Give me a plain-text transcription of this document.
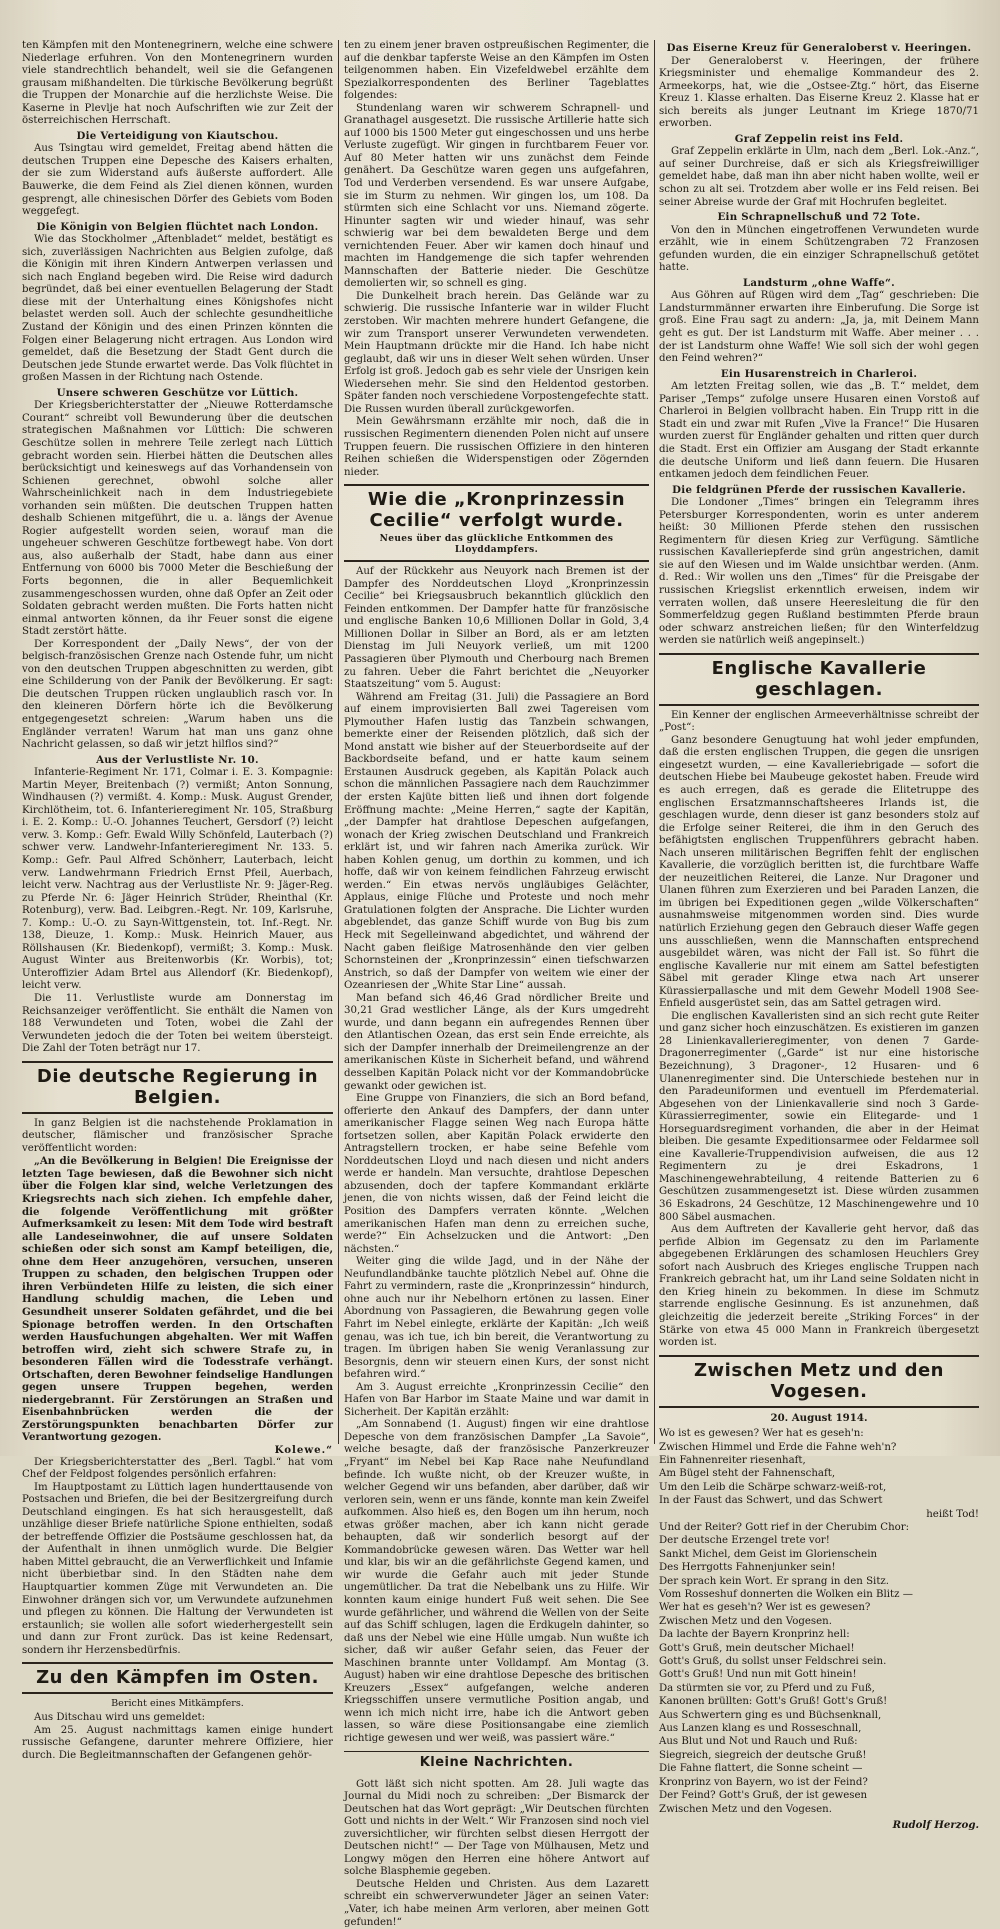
ten Kämpfen mit den Montenegrinern, welche eine schwere Niederlage erfuhren. Von den Montenegrinern wurden viele standrechtlich behandelt, weil sie die Gefangenen grausam mißhandelten. Die türkische Bevölkerung begrüßt die Truppen der Monarchie auf die herzlichste Weise. Die Kaserne in Plevlje hat noch Aufschriften wie zur Zeit der österreichischen Herrschaft.

Die Verteidigung von Kiautschou.

Aus Tsingtau wird gemeldet, Freitag abend hätten die deutschen Truppen eine Depesche des Kaisers erhalten, der sie zum Widerstand aufs äußerste auffordert. Alle Bauwerke, die dem Feind als Ziel dienen können, wurden gesprengt, alle chinesischen Dörfer des Gebiets vom Boden weggefegt.

Die Königin von Belgien flüchtet nach London.

Wie das Stockholmer „Aftenbladet“ meldet, bestätigt es sich, zuverlässigen Nachrichten aus Belgien zufolge, daß die Königin mit ihren Kindern Antwerpen verlassen und sich nach England begeben wird. Die Reise wird dadurch begründet, daß bei einer eventuellen Belagerung der Stadt diese mit der Unterhaltung eines Königshofes nicht belastet werden soll. Auch der schlechte gesundheitliche Zustand der Königin und des einen Prinzen könnten die Folgen einer Belagerung nicht ertragen. Aus London wird gemeldet, daß die Besetzung der Stadt Gent durch die Deutschen jede Stunde erwartet werde. Das Volk flüchtet in großen Massen in der Richtung nach Ostende.

Unsere schweren Geschütze vor Lüttich.

Der Kriegsberichterstatter der „Nieuwe Rotterdamsche Courant“ schreibt voll Bewunderung über die deutschen strategischen Maßnahmen vor Lüttich: Die schweren Geschütze sollen in mehrere Teile zerlegt nach Lüttich gebracht worden sein. Hierbei hätten die Deutschen alles berücksichtigt und keineswegs auf das Vorhandensein von Schienen gerechnet, obwohl solche aller Wahrscheinlichkeit nach in dem Industriegebiete vorhanden sein müßten. Die deutschen Truppen hatten deshalb Schienen mitgeführt, die u. a. längs der Avenue Rogier aufgestellt worden seien, worauf man die ungeheuer schweren Geschütze fortbewegt habe. Von dort aus, also außerhalb der Stadt, habe dann aus einer Entfernung von 6000 bis 7000 Meter die Beschießung der Forts begonnen, die in aller Bequemlichkeit zusammengeschossen wurden, ohne daß Opfer an Zeit oder Soldaten gebracht werden mußten. Die Forts hatten nicht einmal antworten können, da ihr Feuer sonst die eigene Stadt zerstört hätte.

Der Korrespondent der „Daily News“, der von der belgisch-französischen Grenze nach Ostende fuhr, um nicht von den deutschen Truppen abgeschnitten zu werden, gibt eine Schilderung von der Panik der Bevölkerung. Er sagt: Die deutschen Truppen rücken unglaublich rasch vor. In den kleineren Dörfern hörte ich die Bevölkerung entgegengesetzt schreien: „Warum haben uns die Engländer verraten! Warum hat man uns ganz ohne Nachricht gelassen, so daß wir jetzt hilflos sind?“

Aus der Verlustliste Nr. 10.

Infanterie-Regiment Nr. 171, Colmar i. E. 3. Kompagnie: Martin Meyer, Breitenbach (?) vermißt; Anton Sonnung, Windhausen (?) vermißt. 4. Komp.: Musk. August Grender, Kirchlötheim, tot. 6. Infanterieregiment Nr. 105, Straßburg i. E. 2. Komp.: U.-O. Johannes Teuchert, Gersdorf (?) leicht verw. 3. Komp.: Gefr. Ewald Willy Schönfeld, Lauterbach (?) schwer verw. Landwehr-Infanterieregiment Nr. 133. 5. Komp.: Gefr. Paul Alfred Schönherr, Lauterbach, leicht verw. Landwehrmann Friedrich Ernst Pfeil, Auerbach, leicht verw. Nachtrag aus der Verlustliste Nr. 9: Jäger-Reg. zu Pferde Nr. 6: Jäger Heinrich Strüder, Rheinthal (Kr. Rotenburg), verw. Bad. Leibgren.-Regt. Nr. 109, Karlsruhe, 7. Komp.: U.-O. zu Sayn-Wittgenstein, tot. Inf.-Regt. Nr. 138, Dieuze, 1. Komp.: Musk. Heinrich Mauer, aus Röllshausen (Kr. Biedenkopf), vermißt; 3. Komp.: Musk. August Winter aus Breitenworbis (Kr. Worbis), tot; Unteroffizier Adam Brtel aus Allendorf (Kr. Biedenkopf), leicht verw.

Die 11. Verlustliste wurde am Donnerstag im Reichsanzeiger veröffentlicht. Sie enthält die Namen von 188 Verwundeten und Toten, wobei die Zahl der Verwundeten jedoch die der Toten bei weitem übersteigt. Die Zahl der Toten beträgt nur 17.

Die deutsche Regierung in Belgien.

In ganz Belgien ist die nachstehende Proklamation in deutscher, flämischer und französischer Sprache veröffentlicht worden:

„An die Bevölkerung in Belgien! Die Ereignisse der letzten Tage bewiesen, daß die Bewohner sich nicht über die Folgen klar sind, welche Verletzungen des Kriegsrechts nach sich ziehen. Ich empfehle daher, die folgende Veröffentlichung mit größter Aufmerksamkeit zu lesen: Mit dem Tode wird bestraft alle Landeseinwohner, die auf unsere Soldaten schießen oder sich sonst am Kampf beteiligen, die, ohne dem Heer anzugehören, versuchen, unseren Truppen zu schaden, den belgischen Truppen oder ihren Verbündeten Hilfe zu leisten, die sich einer Handlung schuldig machen, die Leben und Gesundheit unserer Soldaten gefährdet, und die bei Spionage betroffen werden. In den Ortschaften werden Hausfuchungen abgehalten. Wer mit Waffen betroffen wird, zieht sich schwere Strafe zu, in besonderen Fällen wird die Todesstrafe verhängt. Ortschaften, deren Bewohner feindselige Handlungen gegen unsere Truppen begehen, werden niedergebrannt. Für Zerstörungen an Straßen und Eisenbahnbrücken werden die der Zerstörungspunkten benachbarten Dörfer zur Verantwortung gezogen.

Kolewe.“

Der Kriegsberichterstatter des „Berl. Tagbl.“ hat vom Chef der Feldpost folgendes persönlich erfahren:

Im Hauptpostamt zu Lüttich lagen hunderttausende von Postsachen und Briefen, die bei der Besitzergreifung durch Deutschland eingingen. Es hat sich herausgestellt, daß unzählige dieser Briefe natürliche Spione enthielten, sodaß der betreffende Offizier die Postsäume geschlossen hat, da der Aufenthalt in ihnen unmöglich wurde. Die Belgier haben Mittel gebraucht, die an Verwerflichkeit und Infamie nicht überbietbar sind. In den Städten nahe dem Hauptquartier kommen Züge mit Verwundeten an. Die Einwohner drängen sich vor, um Verwundete aufzunehmen und pflegen zu können. Die Haltung der Verwundeten ist erstaunlich; sie wollen alle sofort wiederhergestellt sein und dann zur Front zurück. Das ist keine Redensart, sondern ihr Herzensbedürfnis.

Zu den Kämpfen im Osten.
Bericht eines Mitkämpfers.

Aus Ditschau wird uns gemeldet:

Am 25. August nachmittags kamen einige hundert russische Gefangene, darunter mehrere Offiziere, hier durch. Die Begleitmannschaften der Gefangenen gehör-

ten zu einem jener braven ostpreußischen Regimenter, die auf die denkbar tapferste Weise an den Kämpfen im Osten teilgenommen haben. Ein Vizefeldwebel erzählte dem Spezialkorrespondenten des Berliner Tageblattes folgendes:

Stundenlang waren wir schwerem Schrapnell- und Granathagel ausgesetzt. Die russische Artillerie hatte sich auf 1000 bis 1500 Meter gut eingeschossen und uns herbe Verluste zugefügt. Wir gingen in furchtbarem Feuer vor. Auf 80 Meter hatten wir uns zunächst dem Feinde genähert. Da Geschütze waren gegen uns aufgefahren, Tod und Verderben versendend. Es war unsere Aufgabe, sie im Sturm zu nehmen. Wir gingen los, um 108. Da stürmten sich eine Schlacht vor uns. Niemand zögerte. Hinunter sagten wir und wieder hinauf, was sehr schwierig war bei dem bewaldeten Berge und dem vernichtenden Feuer. Aber wir kamen doch hinauf und machten im Handgemenge die sich tapfer wehrenden Mannschaften der Batterie nieder. Die Geschütze demolierten wir, so schnell es ging.

Die Dunkelheit brach herein. Das Gelände war zu schwierig. Die russische Infanterie war in wilder Flucht zerstoben. Wir machten mehrere hundert Gefangene, die wir zum Transport unserer Verwundeten verwendeten. Mein Hauptmann drückte mir die Hand. Ich habe nicht geglaubt, daß wir uns in dieser Welt sehen würden. Unser Erfolg ist groß. Jedoch gab es sehr viele der Unsrigen kein Wiedersehen mehr. Sie sind den Heldentod gestorben. Später fanden noch verschiedene Vorpostengefechte statt. Die Russen wurden überall zurückgeworfen.

Mein Gewährsmann erzählte mir noch, daß die in russischen Regimentern dienenden Polen nicht auf unsere Truppen feuern. Die russischen Offiziere in den hinteren Reihen schießen die Widerspenstigen oder Zögernden nieder.

Wie die „Kronprinzessin Cecilie“ verfolgt wurde.
Neues über das glückliche Entkommen des Lloyddampfers.

Auf der Rückkehr aus Neuyork nach Bremen ist der Dampfer des Norddeutschen Lloyd „Kronprinzessin Cecilie“ bei Kriegsausbruch bekanntlich glücklich den Feinden entkommen. Der Dampfer hatte für französische und englische Banken 10,6 Millionen Dollar in Gold, 3,4 Millionen Dollar in Silber an Bord, als er am letzten Dienstag im Juli Neuyork verließ, um mit 1200 Passagieren über Plymouth und Cherbourg nach Bremen zu fahren. Ueber die Fahrt berichtet die „Neuyorker Staatszeitung“ vom 5. August:

Während am Freitag (31. Juli) die Passagiere an Bord auf einem improvisierten Ball zwei Tagereisen vom Plymouther Hafen lustig das Tanzbein schwangen, bemerkte einer der Reisenden plötzlich, daß sich der Mond anstatt wie bisher auf der Steuerbordseite auf der Backbordseite befand, und er hatte kaum seinem Erstaunen Ausdruck gegeben, als Kapitän Polack auch schon die männlichen Passagiere nach dem Rauchzimmer der ersten Kajüte bitten ließ und ihnen dort folgende Eröffnung machte: „Meine Herren,“ sagte der Kapitän, „der Dampfer hat drahtlose Depeschen aufgefangen, wonach der Krieg zwischen Deutschland und Frankreich erklärt ist, und wir fahren nach Amerika zurück. Wir haben Kohlen genug, um dorthin zu kommen, und ich hoffe, daß wir von keinem feindlichen Fahrzeug erwischt werden.“ Ein etwas nervös ungläubiges Gelächter, Applaus, einige Flüche und Proteste und noch mehr Gratulationen folgten der Ansprache. Die Lichter wurden abgeblendet, das ganze Schiff wurde von Bug bis zum Heck mit Segelleinwand abgedichtet, und während der Nacht gaben fleißige Matrosenhände den vier gelben Schornsteinen der „Kronprinzessin“ einen tiefschwarzen Anstrich, so daß der Dampfer von weitem wie einer der Ozeanriesen der „White Star Line“ aussah.

Man befand sich 46,46 Grad nördlicher Breite und 30,21 Grad westlicher Länge, als der Kurs umgedreht wurde, und dann begann ein aufregendes Rennen über den Atlantischen Ozean, das erst sein Ende erreichte, als sich der Dampfer innerhalb der Dreimeilengrenze an der amerikanischen Küste in Sicherheit befand, und während desselben Kapitän Polack nicht vor der Kommandobrücke gewankt oder gewichen ist.

Eine Gruppe von Finanziers, die sich an Bord befand, offerierte den Ankauf des Dampfers, der dann unter amerikanischer Flagge seinen Weg nach Europa hätte fortsetzen sollen, aber Kapitän Polack erwiderte den Antragstellern trocken, er habe seine Befehle vom Norddeutschen Lloyd und nach diesen und nicht anders werde er handeln. Man versuchte, drahtlose Depeschen abzusenden, doch der tapfere Kommandant erklärte jenen, die von nichts wissen, daß der Feind leicht die Position des Dampfers verraten könnte. „Welchen amerikanischen Hafen man denn zu erreichen suche, werde?“ Ein Achselzucken und die Antwort: „Den nächsten.“

Weiter ging die wilde Jagd, und in der Nähe der Neufundlandbänke tauchte plötzlich Nebel auf. Ohne die Fahrt zu vermindern, raste die „Kronprinzessin“ hindurch, ohne auch nur ihr Nebelhorn ertönen zu lassen. Einer Abordnung von Passagieren, die Bewahrung gegen volle Fahrt im Nebel einlegte, erklärte der Kapitän: „Ich weiß genau, was ich tue, ich bin bereit, die Verantwortung zu tragen. Im übrigen haben Sie wenig Veranlassung zur Besorgnis, denn wir steuern einen Kurs, der sonst nicht befahren wird.“

Am 3. August erreichte „Kronprinzessin Cecilie“ den Hafen von Bar Harbor im Staate Maine und war damit in Sicherheit. Der Kapitän erzählt:

„Am Sonnabend (1. August) fingen wir eine drahtlose Depesche von dem französischen Dampfer „La Savoie“, welche besagte, daß der französische Panzerkreuzer „Fryant“ im Nebel bei Kap Race nahe Neufundland befinde. Ich wußte nicht, ob der Kreuzer wußte, in welcher Gegend wir uns befanden, aber darüber, daß wir verloren sein, wenn er uns fände, konnte man kein Zweifel aufkommen. Also hieß es, den Bogen um ihn herum, noch etwas größer machen, aber ich kann nicht gerade behaupten, daß wir sonderlich besorgt auf der Kommandobrücke gewesen wären. Das Wetter war hell und klar, bis wir an die gefährlichste Gegend kamen, und wir wurde die Gefahr auch mit jeder Stunde ungemütlicher. Da trat die Nebelbank uns zu Hilfe. Wir konnten kaum einige hundert Fuß weit sehen. Die See wurde gefährlicher, und während die Wellen von der Seite auf das Schiff schlugen, lagen die Erdkugeln dahinter, so daß uns der Nebel wie eine Hülle umgab. Nun wußte ich sicher, daß wir außer Gefahr seien, das Feuer der Maschinen brannte unter Volldampf. Am Montag (3. August) haben wir eine drahtlose Depesche des britischen Kreuzers „Essex“ aufgefangen, welche anderen Kriegsschiffen unsere vermutliche Position angab, und wenn ich mich nicht irre, habe ich die Antwort geben lassen, so wäre diese Positionsangabe eine ziemlich richtige gewesen und wer weiß, was passiert wäre.“

Kleine Nachrichten.

Gott läßt sich nicht spotten. Am 28. Juli wagte das Journal du Midi noch zu schreiben: „Der Bismarck der Deutschen hat das Wort geprägt: „Wir Deutschen fürchten Gott und nichts in der Welt.“ Wir Franzosen sind noch viel zuversichtlicher, wir fürchten selbst diesen Herrgott der Deutschen nicht!“ — Der Tage von Mülhausen, Metz und Longwy mögen den Herren eine höhere Antwort auf solche Blasphemie gegeben.

Deutsche Helden und Christen. Aus dem Lazarett schreibt ein schwerverwundeter Jäger an seinen Vater: „Vater, ich habe meinen Arm verloren, aber meinen Gott gefunden!“

Das Eiserne Kreuz für Generaloberst v. Heeringen.

Der Generaloberst v. Heeringen, der frühere Kriegsminister und ehemalige Kommandeur des 2. Armeekorps, hat, wie die „Ostsee-Ztg.“ hört, das Eiserne Kreuz 1. Klasse erhalten. Das Eiserne Kreuz 2. Klasse hat er sich bereits als junger Leutnant im Kriege 1870/71 erworben.

Graf Zeppelin reist ins Feld.

Graf Zeppelin erklärte in Ulm, nach dem „Berl. Lok.-Anz.“, auf seiner Durchreise, daß er sich als Kriegsfreiwilliger gemeldet habe, daß man ihn aber nicht haben wollte, weil er schon zu alt sei. Trotzdem aber wolle er ins Feld reisen. Bei seiner Abreise wurde der Graf mit Hochrufen begleitet.

Ein Schrapnellschuß und 72 Tote.

Von den in München eingetroffenen Verwundeten wurde erzählt, wie in einem Schützengraben 72 Franzosen gefunden wurden, die ein einziger Schrapnellschuß getötet hatte.

Landsturm „ohne Waffe“.

Aus Göhren auf Rügen wird dem „Tag“ geschrieben: Die Landsturmmänner erwarten ihre Einberufung. Die Sorge ist groß. Eine Frau sagt zu andern: „Ja, ja, mit Deinem Mann geht es gut. Der ist Landsturm mit Waffe. Aber meiner . . . der ist Landsturm ohne Waffe! Wie soll sich der wohl gegen den Feind wehren?“

Ein Husarenstreich in Charleroi.

Am letzten Freitag sollen, wie das „B. T.“ meldet, dem Pariser „Temps“ zufolge unsere Husaren einen Vorstoß auf Charleroi in Belgien vollbracht haben. Ein Trupp ritt in die Stadt ein und zwar mit Rufen „Vive la France!“ Die Husaren wurden zuerst für Engländer gehalten und ritten quer durch die Stadt. Erst ein Offizier am Ausgang der Stadt erkannte die deutsche Uniform und ließ dann feuern. Die Husaren entkamen jedoch dem feindlichen Feuer.

Die feldgrünen Pferde der russischen Kavallerie.

Die Londoner „Times“ bringen ein Telegramm ihres Petersburger Korrespondenten, worin es unter anderem heißt: 30 Millionen Pferde stehen den russischen Regimentern für diesen Krieg zur Verfügung. Sämtliche russischen Kavalleriepferde sind grün angestrichen, damit sie auf den Wiesen und im Walde unsichtbar werden. (Anm. d. Red.: Wir wollen uns den „Times“ für die Preisgabe der russischen Kriegslist erkenntlich erweisen, indem wir verraten wollen, daß unsere Heeresleitung die für den Sommerfeldzug gegen Rußland bestimmten Pferde braun oder schwarz anstreichen ließen; für den Winterfeldzug werden sie natürlich weiß angepinselt.)

Englische Kavallerie geschlagen.

Ein Kenner der englischen Armeeverhältnisse schreibt der „Post“:

Ganz besondere Genugtuung hat wohl jeder empfunden, daß die ersten englischen Truppen, die gegen die unsrigen eingesetzt wurden, — eine Kavalleriebrigade — sofort die deutschen Hiebe bei Maubeuge gekostet haben. Freude wird es auch erregen, daß es gerade die Elitetruppe des englischen Ersatzmannschaftsheeres Irlands ist, die geschlagen wurde, denn dieser ist ganz besonders stolz auf die Erfolge seiner Reiterei, die ihm in den Geruch des befähigtsten englischen Truppenführers gebracht haben. Nach unseren militärischen Begriffen fehlt der englischen Kavallerie, die vorzüglich beritten ist, die furchtbare Waffe der neuzeitlichen Reiterei, die Lanze. Nur Dragoner und Ulanen führen zum Exerzieren und bei Paraden Lanzen, die im übrigen bei Expeditionen gegen „wilde Völkerschaften“ ausnahmsweise mitgenommen worden sind. Dies wurde natürlich Erziehung gegen den Gebrauch dieser Waffe gegen uns ausschließen, wenn die Mannschaften entsprechend ausgebildet wären, was nicht der Fall ist. So führt die englische Kavallerie nur mit einem am Sattel befestigten Säbel mit gerader Klinge etwa nach Art unserer Kürassierpallasche und mit dem Gewehr Modell 1908 See-Enfield ausgerüstet sein, das am Sattel getragen wird.

Die englischen Kavalleristen sind an sich recht gute Reiter und ganz sicher hoch einzuschätzen. Es existieren im ganzen 28 Linienkavallerieregimenter, von denen 7 Garde-Dragonerregimenter („Garde“ ist nur eine historische Bezeichnung), 3 Dragoner-, 12 Husaren- und 6 Ulanenregimenter sind. Die Unterschiede bestehen nur in den Paradeuniformen und eventuell im Pferdematerial. Abgesehen von der Linienkavallerie sind noch 3 Garde-Kürassierregimenter, sowie ein Elitegarde- und 1 Horseguardsregiment vorhanden, die aber in der Heimat bleiben. Die gesamte Expeditionsarmee oder Feldarmee soll eine Kavallerie-Truppendivision aufweisen, die aus 12 Regimentern zu je drei Eskadrons, 1 Maschinengewehrabteilung, 4 reitende Batterien zu 6 Geschützen zusammengesetzt ist. Diese würden zusammen 36 Eskadrons, 24 Geschütze, 12 Maschinengewehre und 10 800 Säbel ausmachen.

Aus dem Auftreten der Kavallerie geht hervor, daß das perfide Albion im Gegensatz zu den im Parlamente abgegebenen Erklärungen des schamlosen Heuchlers Grey sofort nach Ausbruch des Krieges englische Truppen nach Frankreich gebracht hat, um ihr Land seine Soldaten nicht in den Krieg hinein zu bekommen. In diese im Schmutz starrende englische Gesinnung. Es ist anzunehmen, daß gleichzeitig die jederzeit bereite „Striking Forces“ in der Stärke von etwa 45 000 Mann in Frankreich übergesetzt worden ist.

Zwischen Metz und den Vogesen.
20. August 1914.
Wo ist es gewesen? Wer hat es geseh'n:
Zwischen Himmel und Erde die Fahne weh'n?
Ein Fahnenreiter riesenhaft,
Am Bügel steht der Fahnenschaft,
Um den Leib die Schärpe schwarz-weiß-rot,
In der Faust das Schwert, und das Schwert
heißt Tod!
Und der Reiter? Gott rief in der Cherubim Chor:
Der deutsche Erzengel trete vor!
Sankt Michel, dem Geist im Glorienschein
Des Herrgotts Fahnenjunker sein!
Der sprach kein Wort. Er sprang in den Sitz.
Vom Rosseshuf donnerten die Wolken ein Blitz —
Wer hat es geseh'n? Wer ist es gewesen?
Zwischen Metz und den Vogesen.
Da lachte der Bayern Kronprinz hell:
Gott's Gruß, mein deutscher Michael!
Gott's Gruß, du sollst unser Feldschrei sein.
Gott's Gruß! Und nun mit Gott hinein!
Da stürmten sie vor, zu Pferd und zu Fuß,
Kanonen brüllten: Gott's Gruß! Gott's Gruß!
Aus Schwertern ging es und Büchsenknall,
Aus Lanzen klang es und Rosseschnall,
Aus Blut und Not und Rauch und Ruß:
Siegreich, siegreich der deutsche Gruß!
Die Fahne flattert, die Sonne scheint —
Kronprinz von Bayern, wo ist der Feind?
Der Feind? Gott's Gruß, der ist gewesen
Zwischen Metz und den Vogesen.
Rudolf Herzog.
